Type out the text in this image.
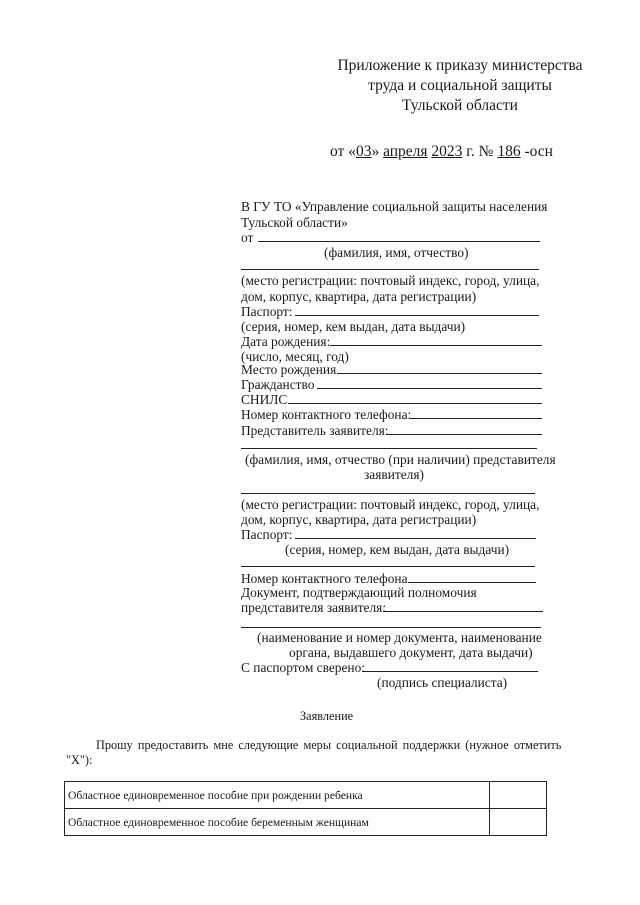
Приложение к приказу министерства
труда и социальной защиты
Тульской области
от «03» апреля 2023 г. № 186 -осн
В ГУ ТО «Управление социальной защиты населения
Тульской области»
от
(фамилия, имя, отчество)
(место регистрации: почтовый индекс, город, улица,
дом, корпус, квартира, дата регистрации)
Паспорт:
(серия, номер, кем выдан, дата выдачи)
Дата рождения:
(число, месяц, год)
Место рождения
Гражданство
СНИЛС
Номер контактного телефона:
Представитель заявителя:
(фамилия, имя, отчество (при наличии) представителя
заявителя)
(место регистрации: почтовый индекс, город, улица,
дом, корпус, квартира, дата регистрации)
Паспорт:
(серия, номер, кем выдан, дата выдачи)
Номер контактного телефона
Документ, подтверждающий полномочия
представителя заявителя:
(наименование и номер документа, наименование
органа, выдавшего документ, дата выдачи)
С паспортом сверено:
(подпись специалиста)
Заявление
Прошу предоставить мне следующие меры социальной поддержки (нужное отметить
"Х"):
Областное единовременное пособие при рождении ребенка	
Областное единовременное пособие беременным женщинам	
